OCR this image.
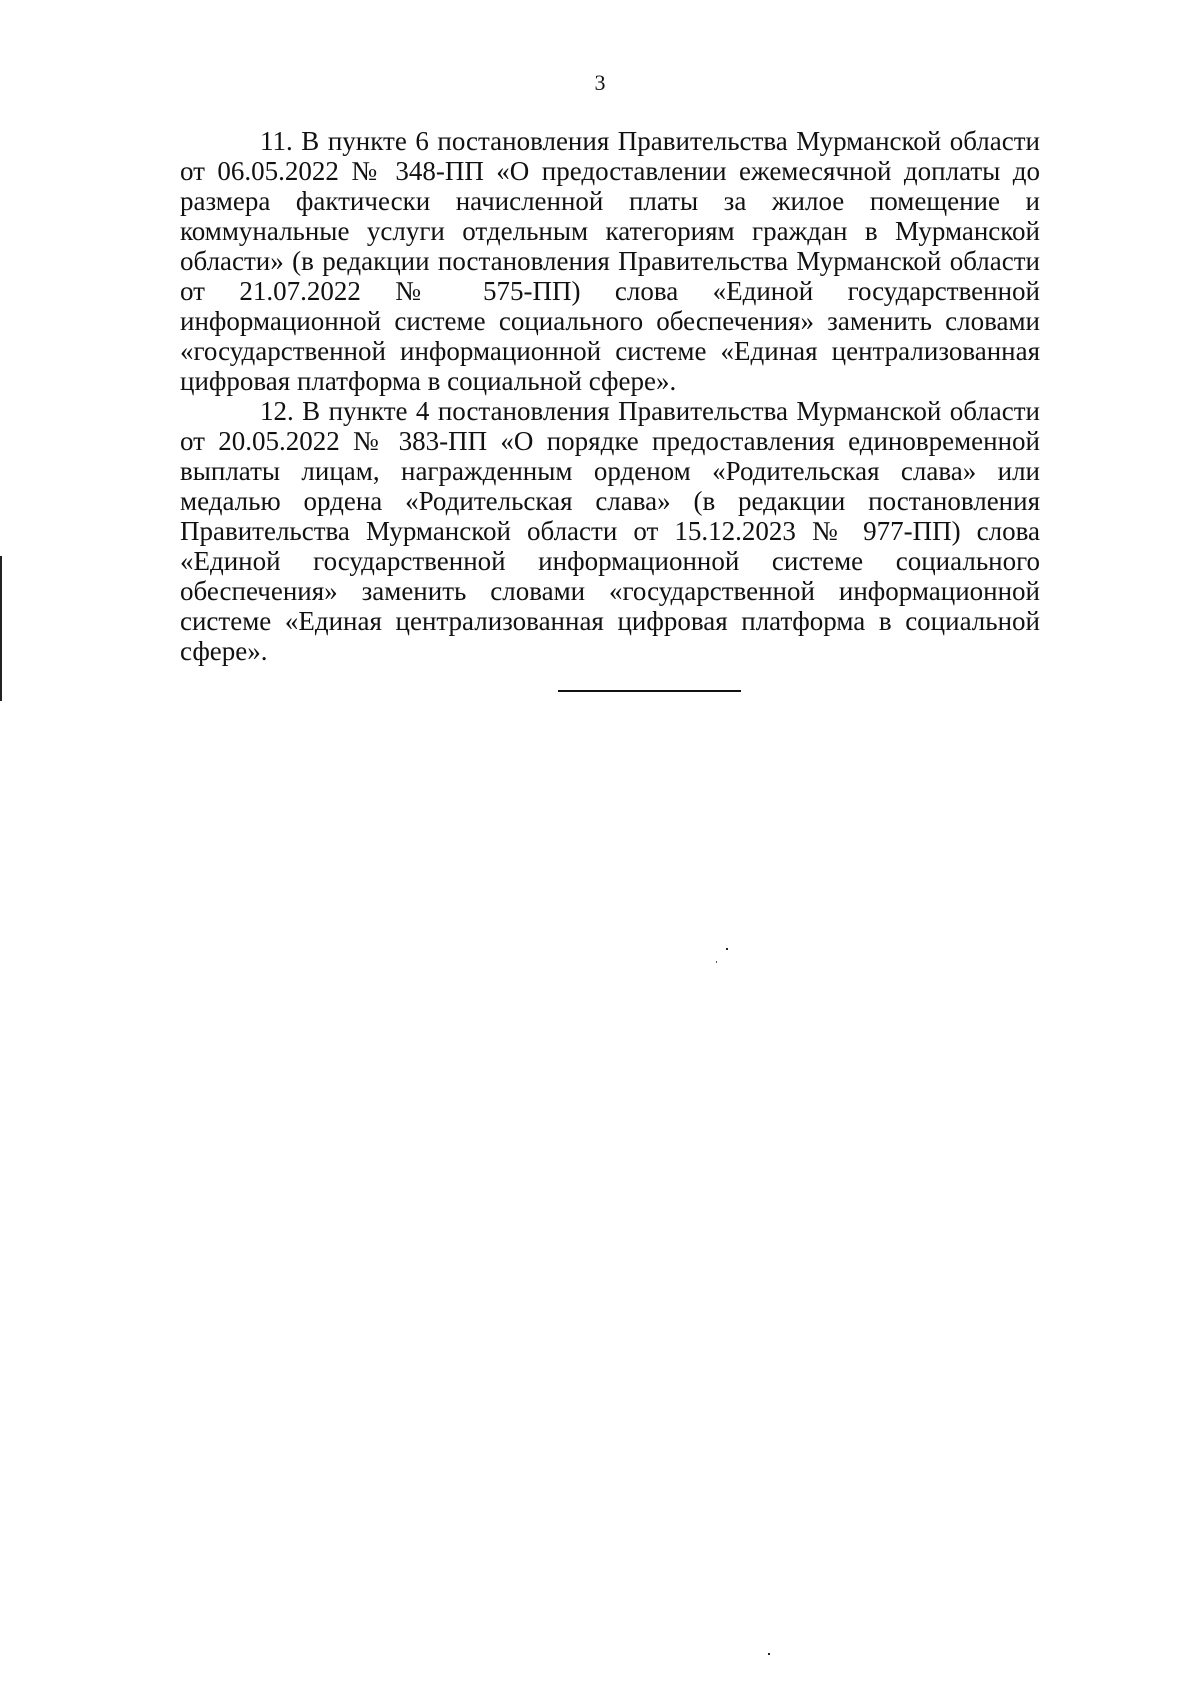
3

11. В пункте 6 постановления Правительства Мурманской области от 06.05.2022 № 348-ПП «О предоставлении ежемесячной доплаты до размера фактически начисленной платы за жилое помещение и коммунальные услуги отдельным категориям граждан в Мурманской области» (в редакции постановления Правительства Мурманской области от 21.07.2022 № 575-ПП) слова «Единой государственной информационной системе социального обеспечения» заменить словами «государственной информационной системе «Единая централизованная цифровая платформа в социальной сфере».

12. В пункте 4 постановления Правительства Мурманской области от 20.05.2022 № 383-ПП «О порядке предоставления единовременной выплаты лицам, награжденным орденом «Родительская слава» или медалью ордена «Родительская слава» (в редакции постановления Правительства Мурманской области от 15.12.2023 № 977-ПП) слова «Единой государственной информационной системе социального обеспечения» заменить словами «государственной информационной системе «Единая централизованная цифровая платформа в социальной сфере».
